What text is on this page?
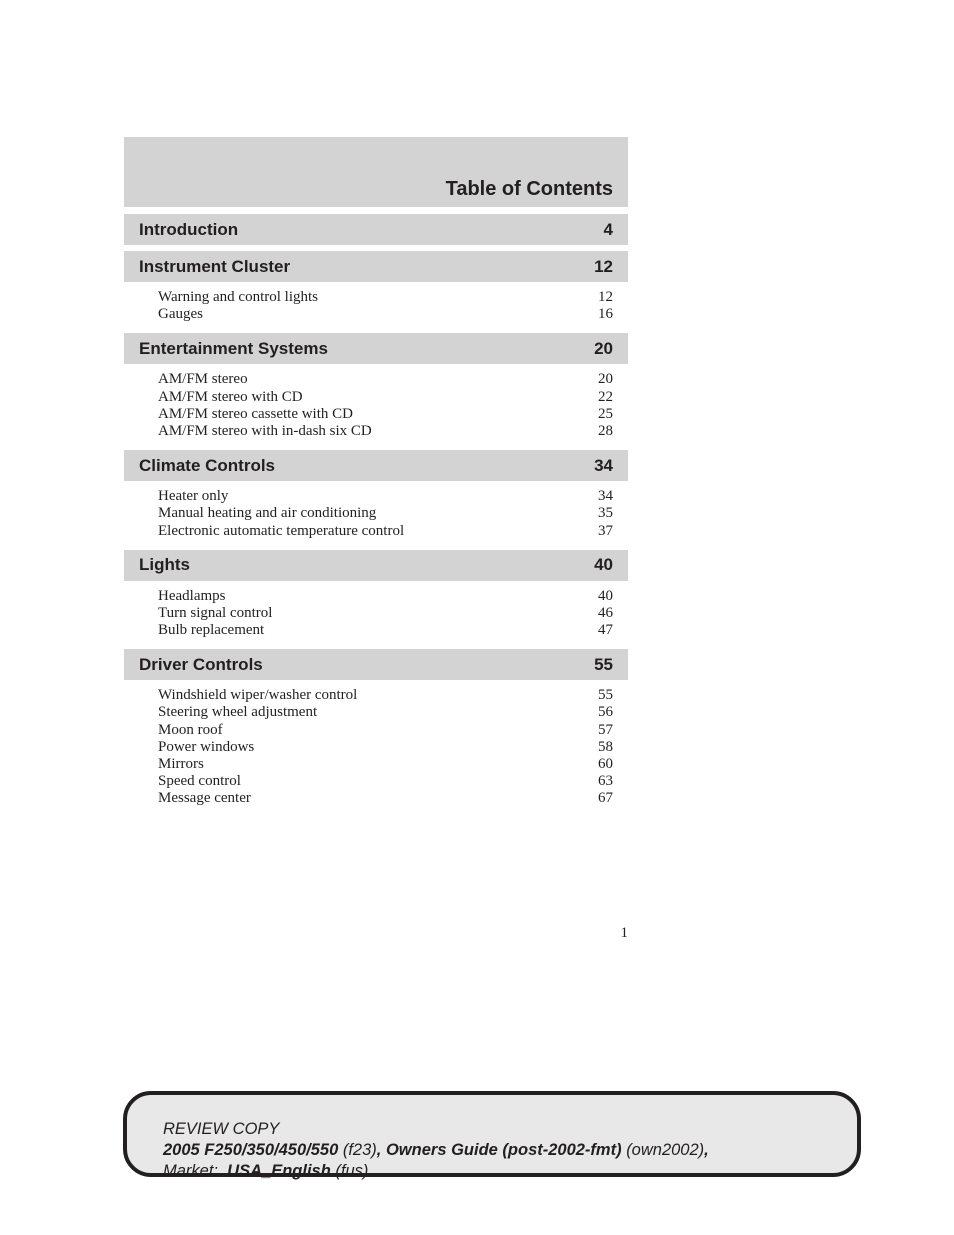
Table of Contents
Introduction	4
Instrument Cluster	12
Warning and control lights	12
Gauges	16
Entertainment Systems	20
AM/FM stereo	20
AM/FM stereo with CD	22
AM/FM stereo cassette with CD	25
AM/FM stereo with in-dash six CD	28
Climate Controls	34
Heater only	34
Manual heating and air conditioning	35
Electronic automatic temperature control	37
Lights	40
Headlamps	40
Turn signal control	46
Bulb replacement	47
Driver Controls	55
Windshield wiper/washer control	55
Steering wheel adjustment	56
Moon roof	57
Power windows	58
Mirrors	60
Speed control	63
Message center	67
1
REVIEW COPY
2005 F250/350/450/550 (f23), Owners Guide (post-2002-fmt) (own2002),
Market: USA_English (fus)
